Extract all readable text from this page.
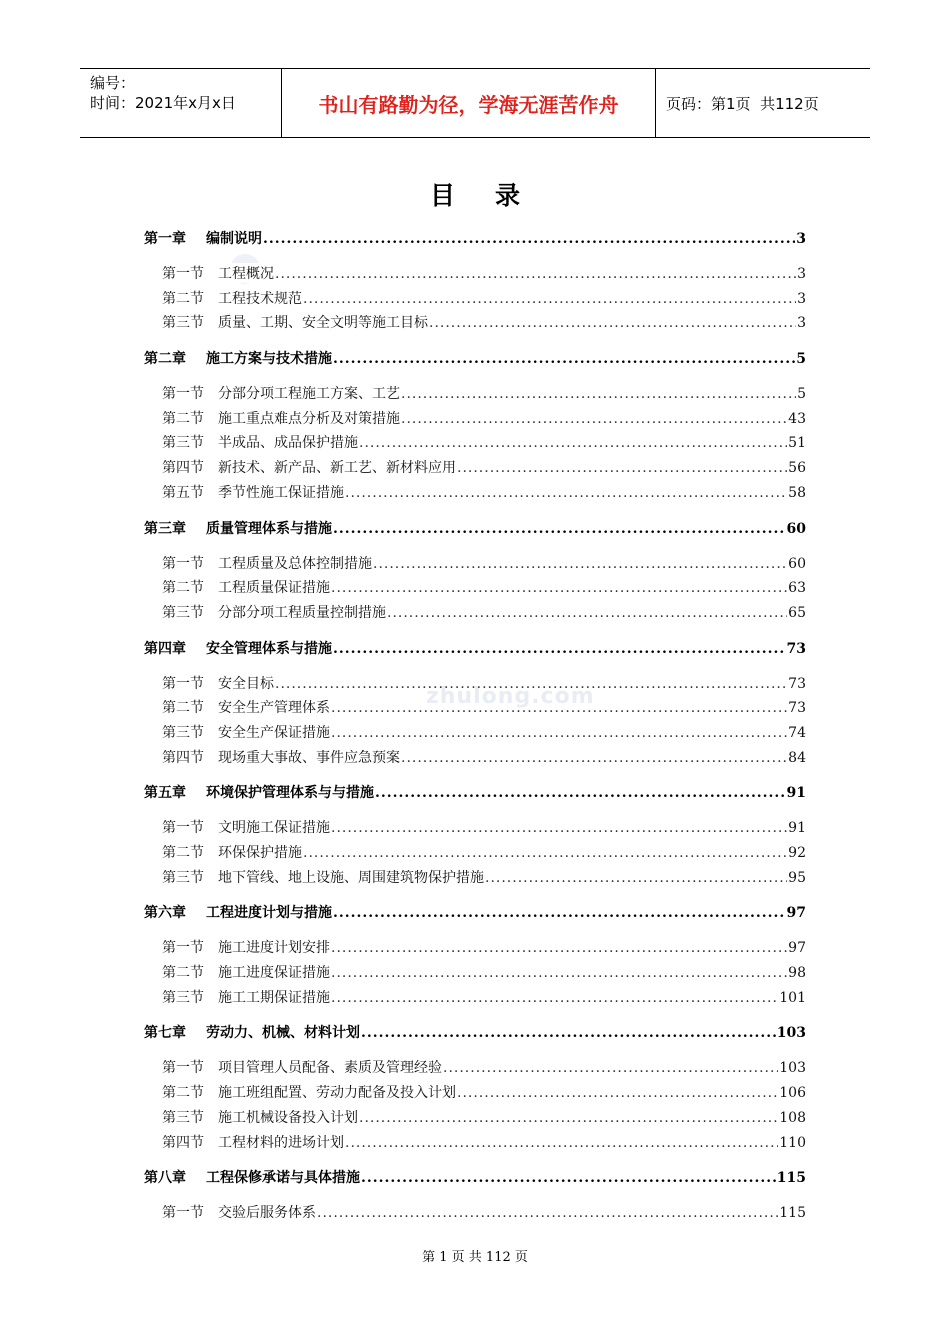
编号：
时间：2021年x月x日	书山有路勤为径，学海无涯苦作舟	页码：第1页  共112页
zhulong.com
目录
第一章 编制说明 .....	3
第一节 工程概况 .....	3
第二节 工程技术规范 .....	3
第三节 质量、工期、安全文明等施工目标 .....	3
第二章 施工方案与技术措施 .....	5
第一节 分部分项工程施工方案、工艺 .....	5
第二节 施工重点难点分析及对策措施 .....	43
第三节 半成品、成品保护措施 .....	51
第四节 新技术、新产品、新工艺、新材料应用 .....	56
第五节 季节性施工保证措施 .....	58
第三章 质量管理体系与措施 .....	60
第一节 工程质量及总体控制措施 .....	60
第二节 工程质量保证措施 .....	63
第三节 分部分项工程质量控制措施 .....	65
第四章 安全管理体系与措施 .....	73
第一节 安全目标 .....	73
第二节 安全生产管理体系 .....	73
第三节 安全生产保证措施 .....	74
第四节 现场重大事故、事件应急预案 .....	84
第五章 环境保护管理体系与与措施 .....	91
第一节 文明施工保证措施 .....	91
第二节 环保保护措施 .....	92
第三节 地下管线、地上设施、周围建筑物保护措施 .....	95
第六章 工程进度计划与措施 .....	97
第一节 施工进度计划安排 .....	97
第二节 施工进度保证措施 .....	98
第三节 施工工期保证措施 .....	101
第七章 劳动力、机械、材料计划 .....	103
第一节 项目管理人员配备、素质及管理经验 .....	103
第二节 施工班组配置、劳动力配备及投入计划 .....	106
第三节 施工机械设备投入计划 .....	108
第四节 工程材料的进场计划 .....	110
第八章 工程保修承诺与具体措施 .....	115
第一节 交验后服务体系 .....	115
第 1 页 共 112 页
